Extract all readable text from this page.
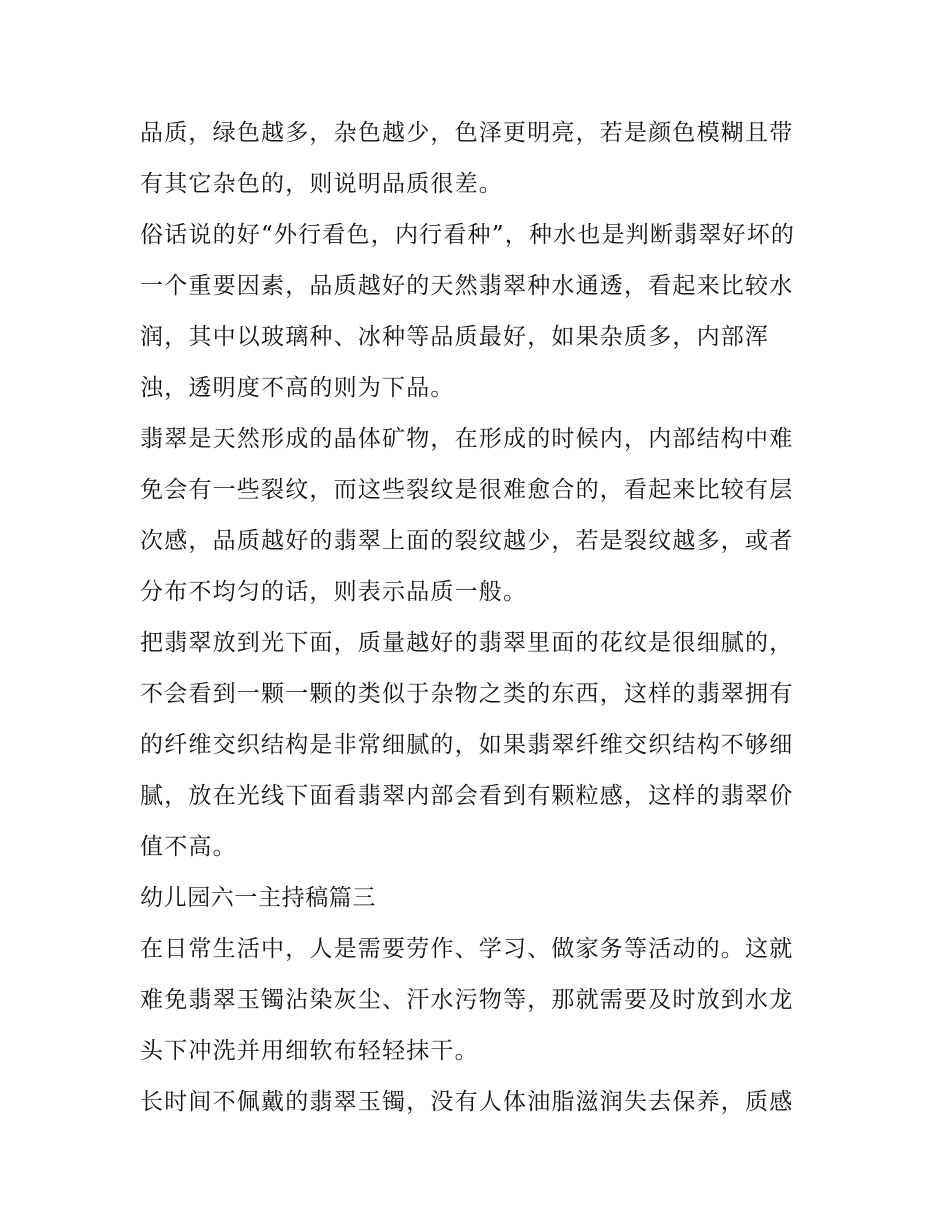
品质，绿色越多，杂色越少，色泽更明亮，若是颜色模糊且带
有其它杂色的，则说明品质很差。
俗话说的好“外行看色，内行看种”，种水也是判断翡翠好坏的
一个重要因素，品质越好的天然翡翠种水通透，看起来比较水
润，其中以玻璃种、冰种等品质最好，如果杂质多，内部浑
浊，透明度不高的则为下品。
翡翠是天然形成的晶体矿物，在形成的时候内，内部结构中难
免会有一些裂纹，而这些裂纹是很难愈合的，看起来比较有层
次感，品质越好的翡翠上面的裂纹越少，若是裂纹越多，或者
分布不均匀的话，则表示品质一般。
把翡翠放到光下面，质量越好的翡翠里面的花纹是很细腻的，
不会看到一颗一颗的类似于杂物之类的东西，这样的翡翠拥有
的纤维交织结构是非常细腻的，如果翡翠纤维交织结构不够细
腻，放在光线下面看翡翠内部会看到有颗粒感，这样的翡翠价
值不高。
幼儿园六一主持稿篇三
在日常生活中，人是需要劳作、学习、做家务等活动的。这就
难免翡翠玉镯沾染灰尘、汗水污物等，那就需要及时放到水龙
头下冲洗并用细软布轻轻抹干。
长时间不佩戴的翡翠玉镯，没有人体油脂滋润失去保养，质感
